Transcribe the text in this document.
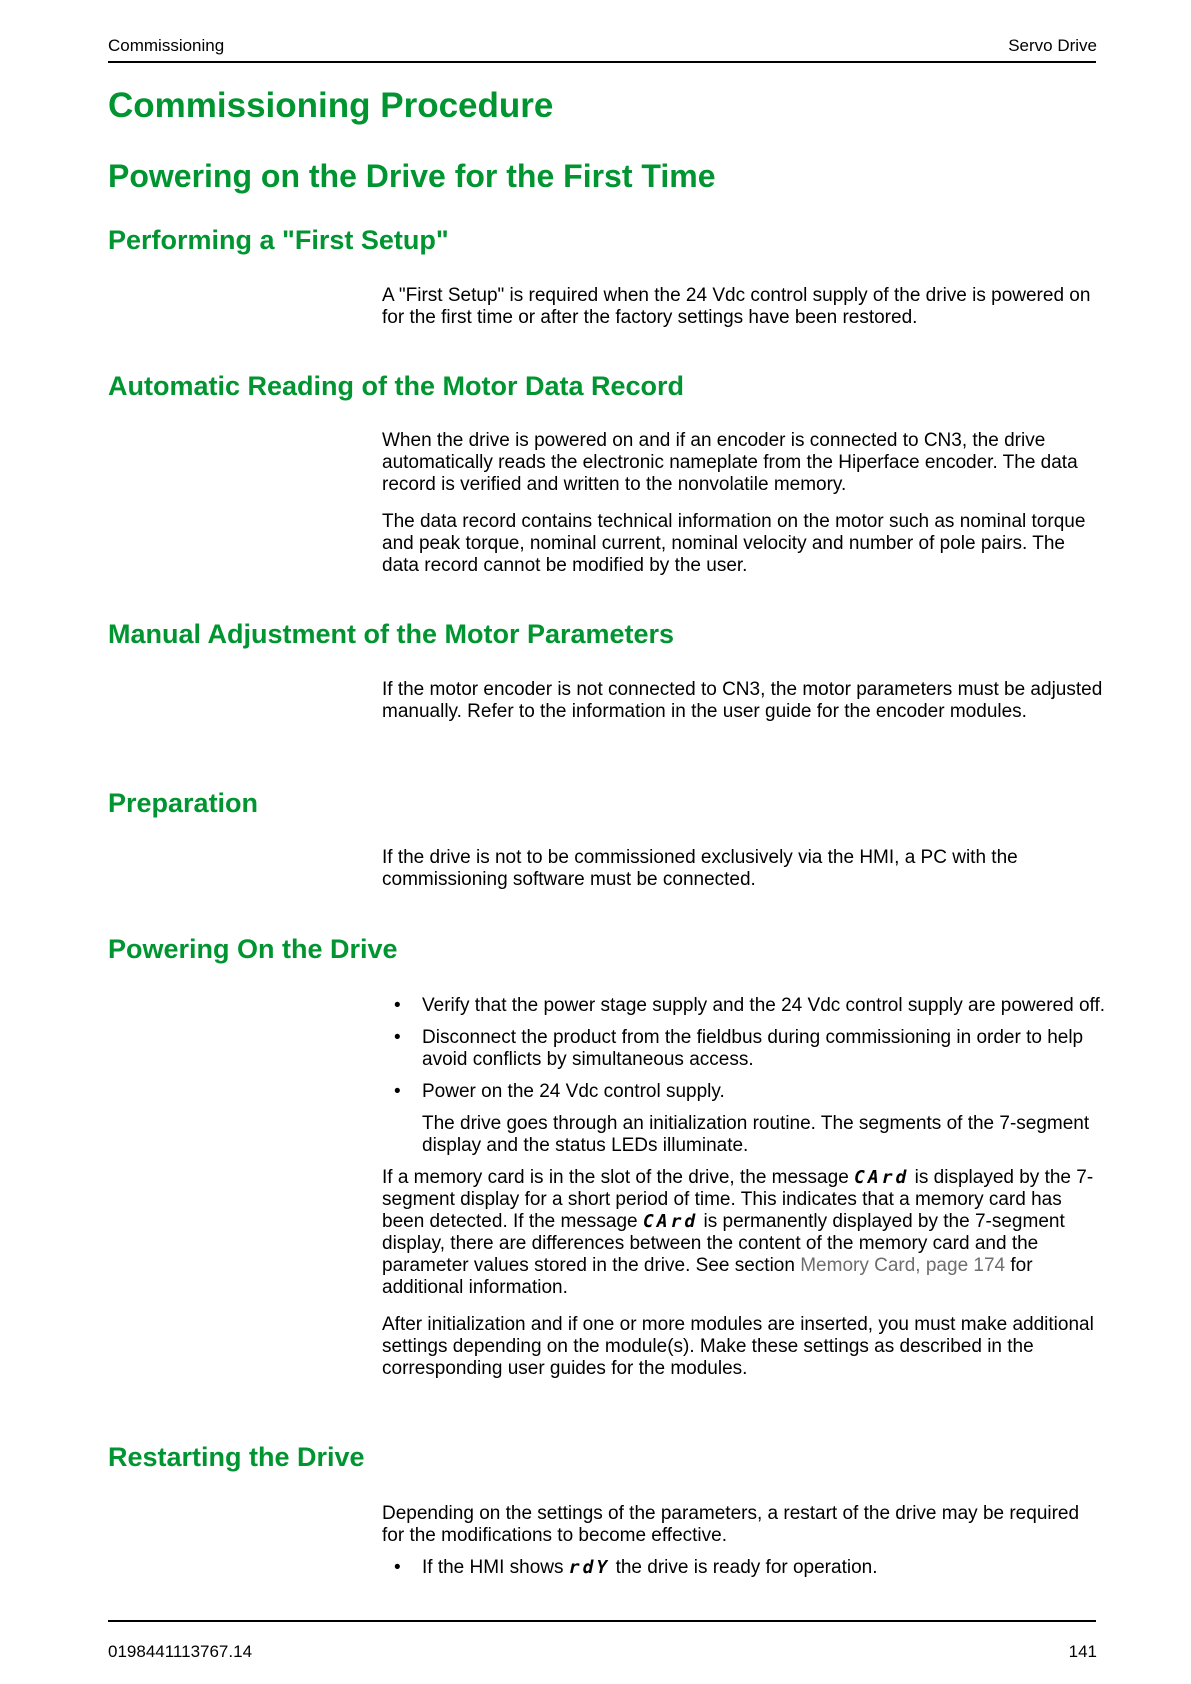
Commissioning	Servo Drive
Commissioning Procedure
Powering on the Drive for the First Time
Performing a "First Setup"

A "First Setup" is required when the 24 Vdc control supply of the drive is powered on for the first time or after the factory settings have been restored.

Automatic Reading of the Motor Data Record

When the drive is powered on and if an encoder is connected to CN3, the drive automatically reads the electronic nameplate from the Hiperface encoder. The data record is verified and written to the nonvolatile memory.

The data record contains technical information on the motor such as nominal torque and peak torque, nominal current, nominal velocity and number of pole pairs. The data record cannot be modified by the user.

Manual Adjustment of the Motor Parameters

If the motor encoder is not connected to CN3, the motor parameters must be adjusted manually. Refer to the information in the user guide for the encoder modules.

Preparation

If the drive is not to be commissioned exclusively via the HMI, a PC with the commissioning software must be connected.

Powering On the Drive
• Verify that the power stage supply and the 24 Vdc control supply are powered off.
• Disconnect the product from the fieldbus during commissioning in order to help avoid conflicts by simultaneous access.
• Power on the 24 Vdc control supply.
The drive goes through an initialization routine. The segments of the 7-segment display and the status LEDs illuminate.

If a memory card is in the slot of the drive, the message CArd is displayed by the 7-segment display for a short period of time. This indicates that a memory card has been detected. If the message CArd is permanently displayed by the 7-segment display, there are differences between the content of the memory card and the parameter values stored in the drive. See section Memory Card, page 174 for additional information.

After initialization and if one or more modules are inserted, you must make additional settings depending on the module(s). Make these settings as described in the corresponding user guides for the modules.

Restarting the Drive

Depending on the settings of the parameters, a restart of the drive may be required for the modifications to become effective.

• If the HMI shows rdY the drive is ready for operation.
0198441113767.14	141
